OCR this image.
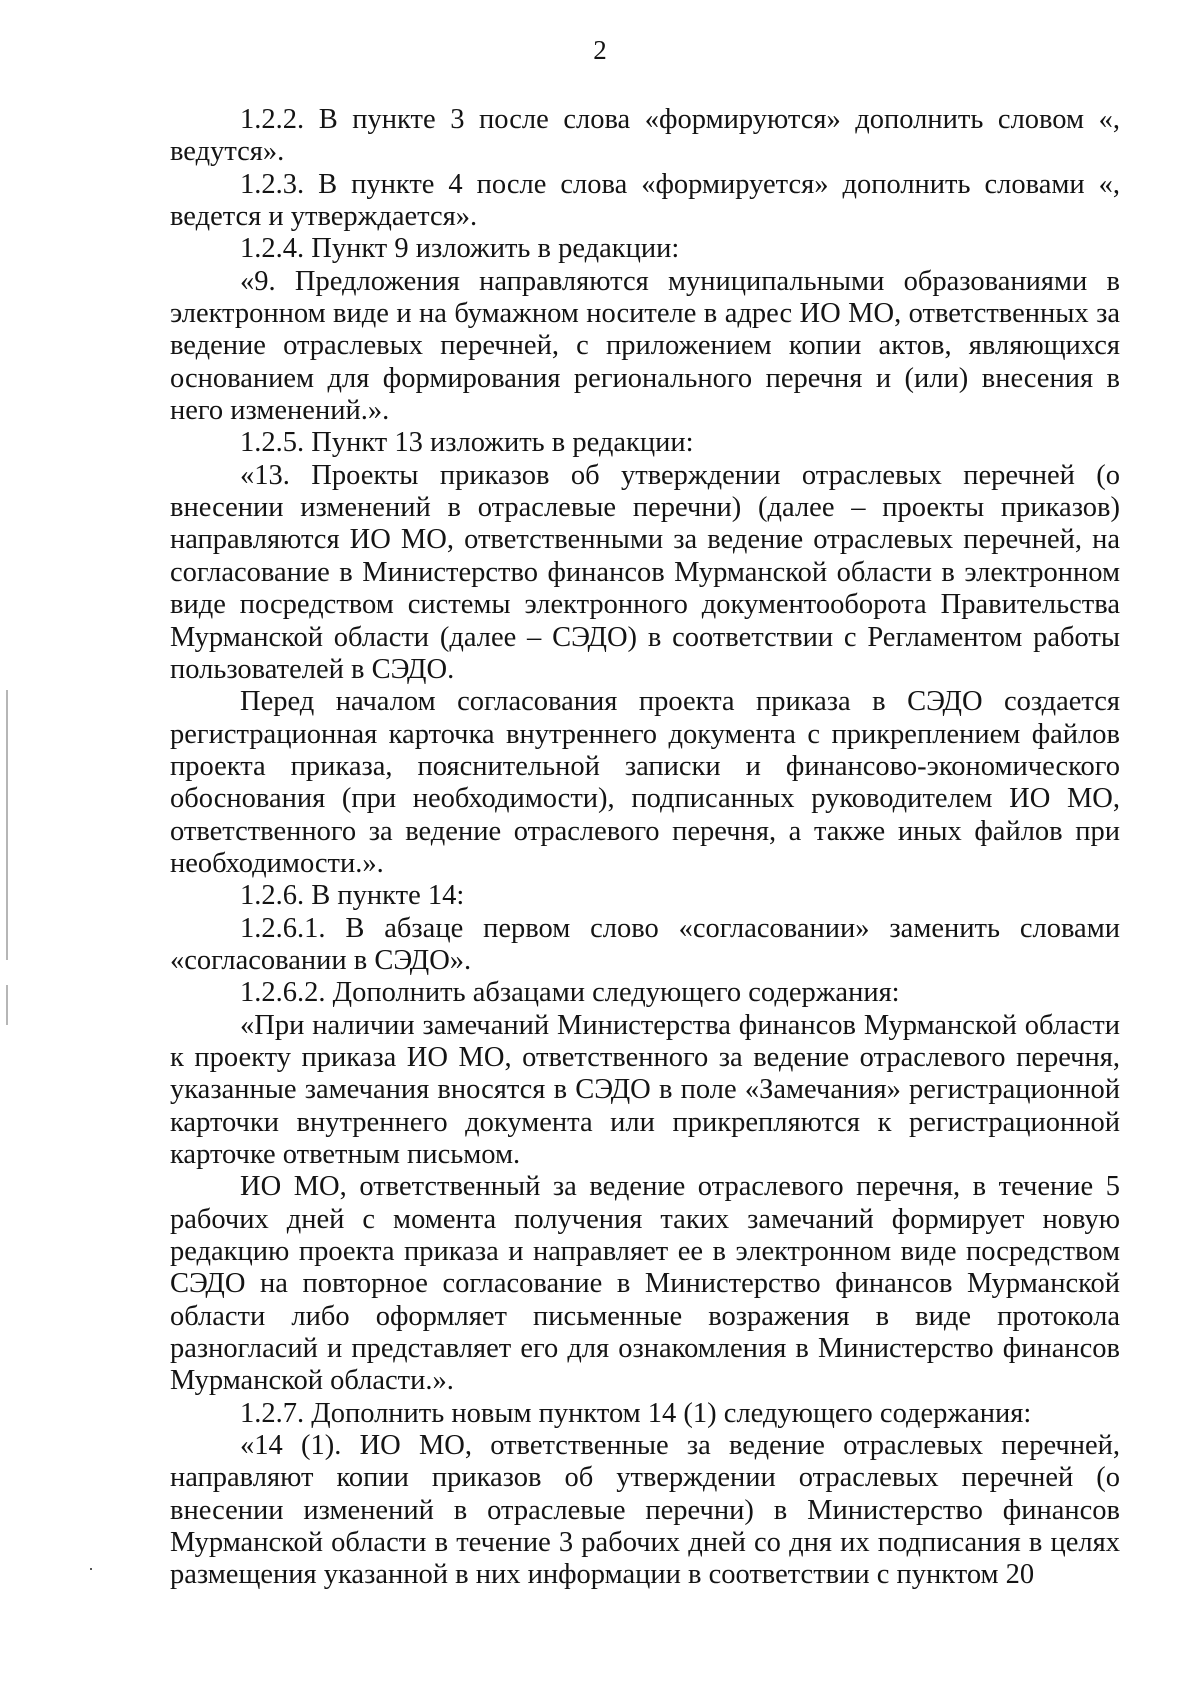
2

1.2.2. В пункте 3 после слова «формируются» дополнить словом «, ведутся».

1.2.3. В пункте 4 после слова «формируется» дополнить словами «, ведется и утверждается».

1.2.4. Пункт 9 изложить в редакции:

«9. Предложения направляются муниципальными образованиями в электронном виде и на бумажном носителе в адрес ИО МО, ответственных за ведение отраслевых перечней, с приложением копии актов, являющихся основанием для формирования регионального перечня и (или) внесения в него изменений.».

1.2.5. Пункт 13 изложить в редакции:

«13. Проекты приказов об утверждении отраслевых перечней (о внесении изменений в отраслевые перечни) (далее – проекты приказов) направляются ИО МО, ответственными за ведение отраслевых перечней, на согласование в Министерство финансов Мурманской области в электронном виде посредством системы электронного документооборота Правительства Мурманской области (далее – СЭДО) в соответствии с Регламентом работы пользователей в СЭДО.

Перед началом согласования проекта приказа в СЭДО создается регистрационная карточка внутреннего документа с прикреплением файлов проекта приказа, пояснительной записки и финансово-экономического обоснования (при необходимости), подписанных руководителем ИО МО, ответственного за ведение отраслевого перечня, а также иных файлов при необходимости.».

1.2.6. В пункте 14:

1.2.6.1. В абзаце первом слово «согласовании» заменить словами «согласовании в СЭДО».

1.2.6.2. Дополнить абзацами следующего содержания:

«При наличии замечаний Министерства финансов Мурманской области к проекту приказа ИО МО, ответственного за ведение отраслевого перечня, указанные замечания вносятся в СЭДО в поле «Замечания» регистрационной карточки внутреннего документа или прикрепляются к регистрационной карточке ответным письмом.

ИО МО, ответственный за ведение отраслевого перечня, в течение 5 рабочих дней с момента получения таких замечаний формирует новую редакцию проекта приказа и направляет ее в электронном виде посредством СЭДО на повторное согласование в Министерство финансов Мурманской области либо оформляет письменные возражения в виде протокола разногласий и представляет его для ознакомления в Министерство финансов Мурманской области.».

1.2.7. Дополнить новым пунктом 14 (1) следующего содержания:

«14 (1). ИО МО, ответственные за ведение отраслевых перечней, направляют копии приказов об утверждении отраслевых перечней (о внесении изменений в отраслевые перечни) в Министерство финансов Мурманской области в течение 3 рабочих дней со дня их подписания в целях размещения указанной в них информации в соответствии с пунктом 20
